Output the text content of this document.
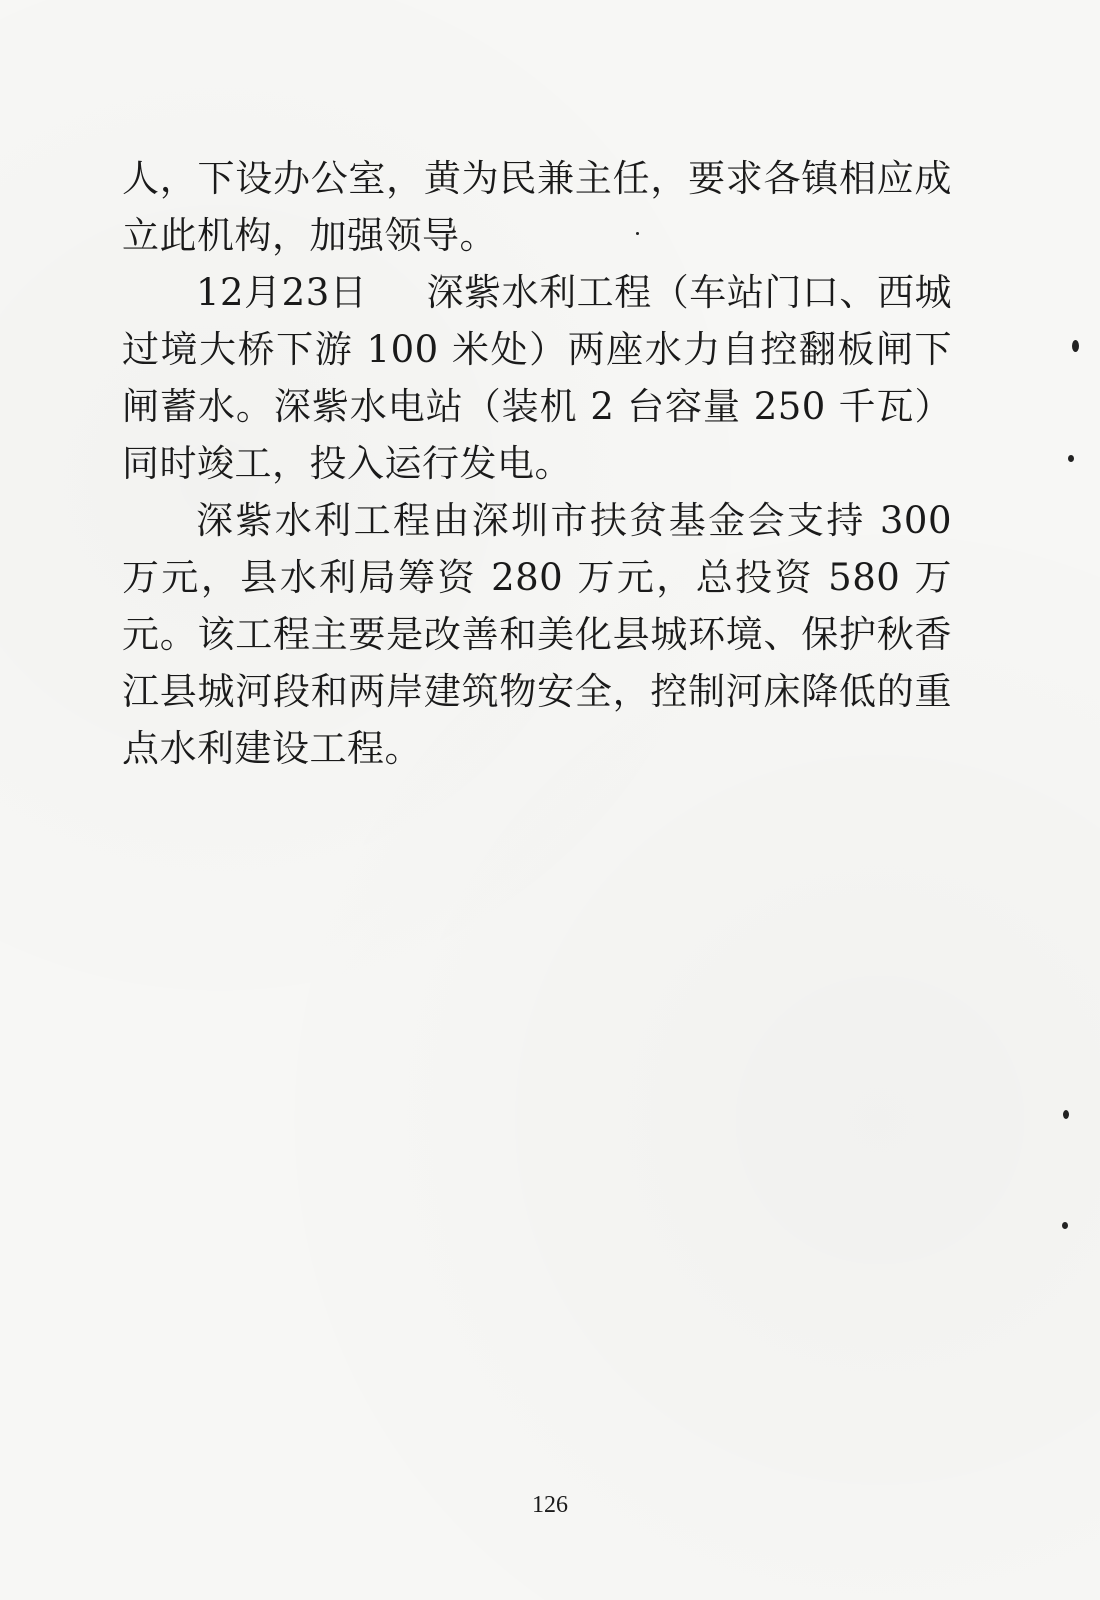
人，下设办公室，黄为民兼主任，要求各镇相应成立此机构，加强领导。

12月23日 深紫水利工程（车站门口、西城过境大桥下游 100 米处）两座水力自控翻板闸下闸蓄水。深紫水电站（装机 2 台容量 250 千瓦）同时竣工，投入运行发电。

深紫水利工程由深圳市扶贫基金会支持 300 万元，县水利局筹资 280 万元，总投资 580 万元。该工程主要是改善和美化县城环境、保护秋香江县城河段和两岸建筑物安全，控制河床降低的重点水利建设工程。

126
